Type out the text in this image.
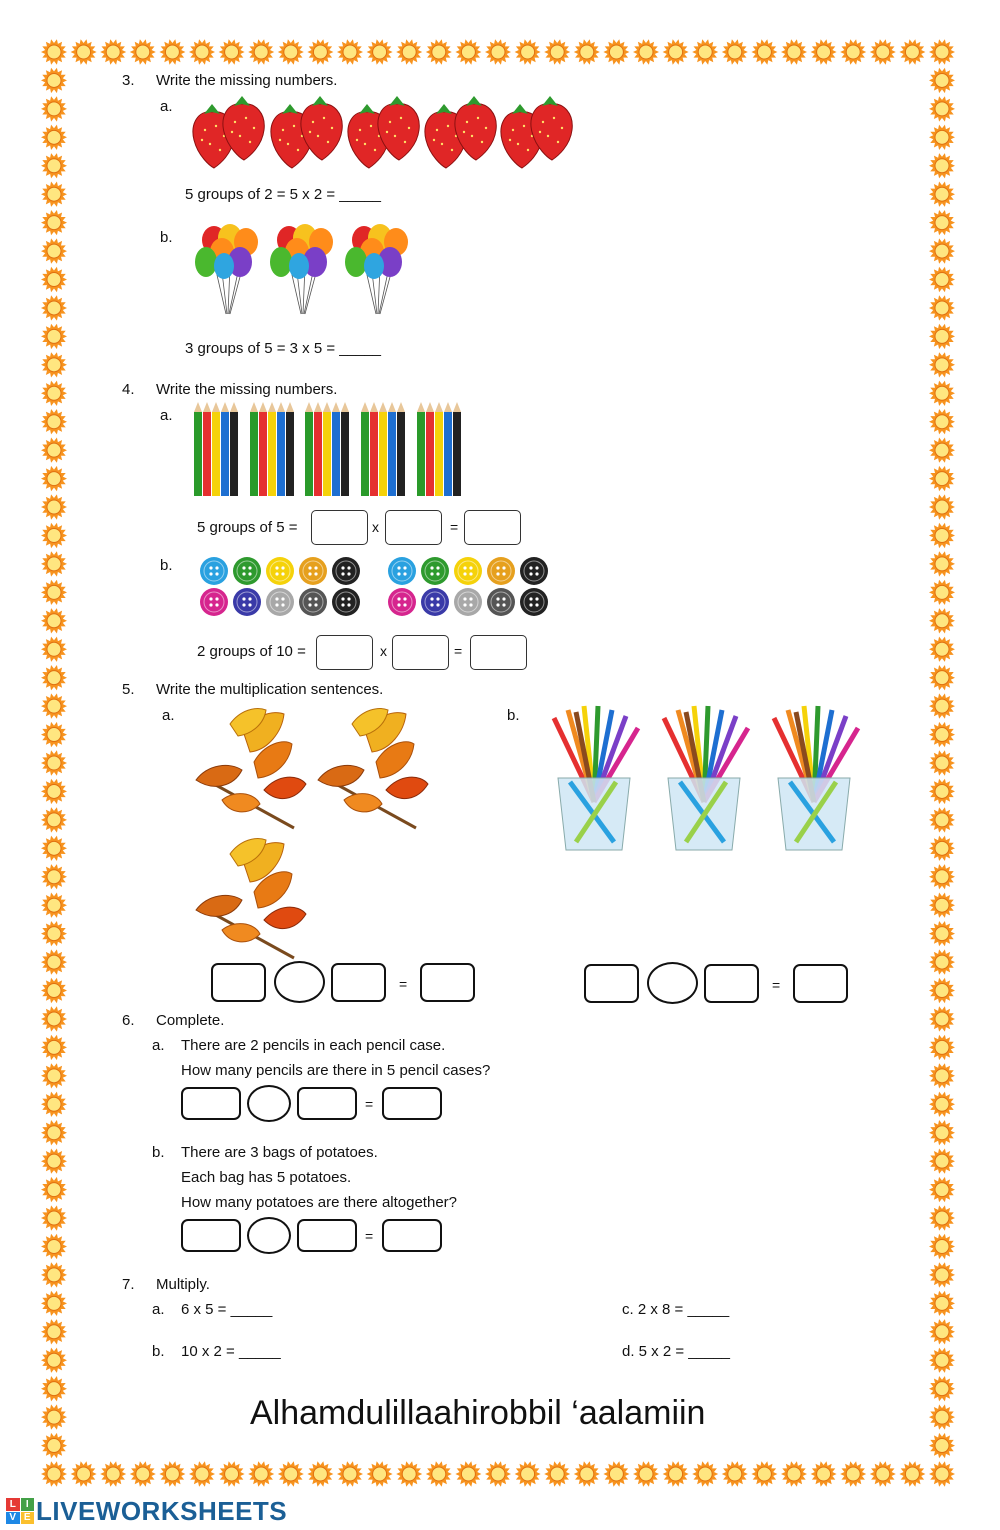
3. Write the missing numbers.
a.
5 groups of 2 = 5 x 2 = _____
b.
3 groups of 5 = 3 x 5 = _____
4. Write the missing numbers.
a.
5 groups of 5 =	x	=
b.
2 groups of 10 =	x	=
5. Write the multiplication sentences.
a.	b.
=	=
6. Complete.
a. There are 2 pencils in each pencil case.
How many pencils are there in 5 pencil cases?
=
b. There are 3 bags of potatoes.
Each bag has 5 potatoes.
How many potatoes are there altogether?
=
7. Multiply.
a. 6 x 5 = _____
b. 10 x 2 = _____
c. 2 x 8 = _____
d. 5 x 2 = _____
Alhamdulillaahirobbil ‘aalamiin
L	I
V E LIVEWORKSHEETS
